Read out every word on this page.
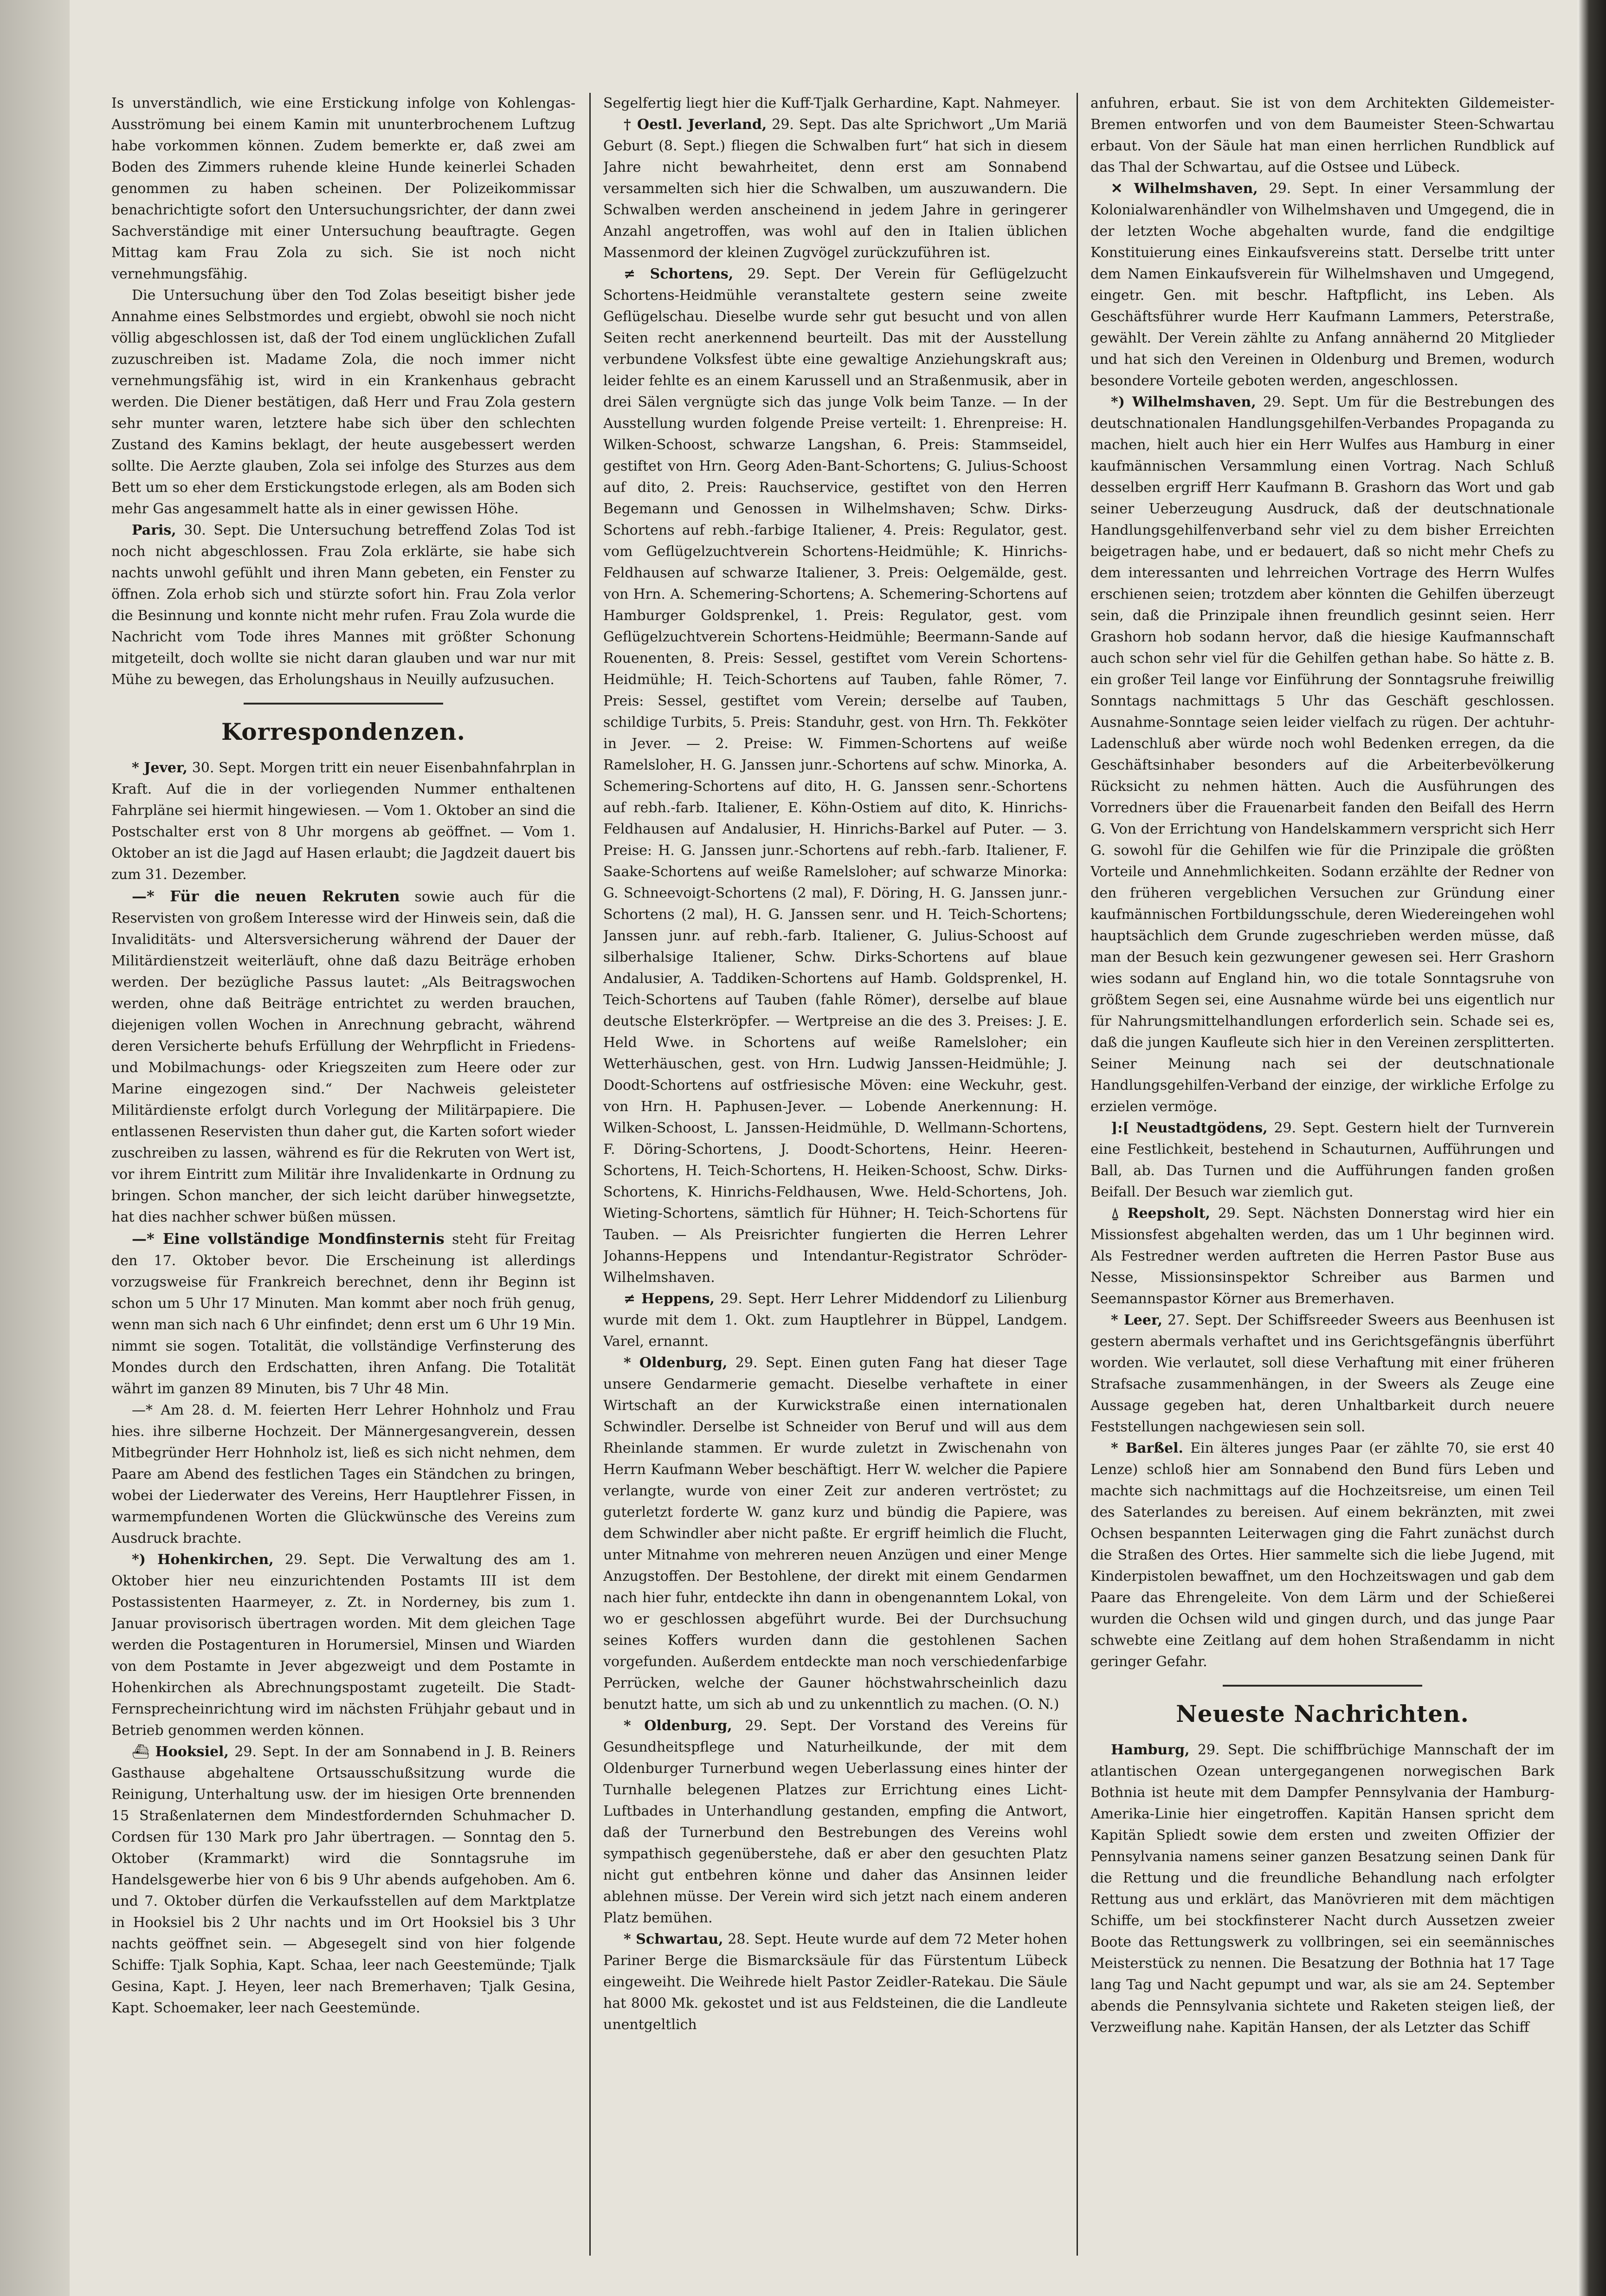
Is unverständlich, wie eine Erstickung infolge von Kohlengas-Ausströmung bei einem Kamin mit ununterbrochenem Luftzug habe vorkommen können. Zudem bemerkte er, daß zwei am Boden des Zimmers ruhende kleine Hunde keinerlei Schaden genommen zu haben scheinen. Der Polizeikommissar benachrichtigte sofort den Untersuchungsrichter, der dann zwei Sachverständige mit einer Untersuchung beauftragte. Gegen Mittag kam Frau Zola zu sich. Sie ist noch nicht vernehmungsfähig.

Die Untersuchung über den Tod Zolas beseitigt bisher jede Annahme eines Selbstmordes und ergiebt, obwohl sie noch nicht völlig abgeschlossen ist, daß der Tod einem unglücklichen Zufall zuzuschreiben ist. Madame Zola, die noch immer nicht vernehmungsfähig ist, wird in ein Krankenhaus gebracht werden. Die Diener bestätigen, daß Herr und Frau Zola gestern sehr munter waren, letztere habe sich über den schlechten Zustand des Kamins beklagt, der heute ausgebessert werden sollte. Die Aerzte glauben, Zola sei infolge des Sturzes aus dem Bett um so eher dem Erstickungstode erlegen, als am Boden sich mehr Gas angesammelt hatte als in einer gewissen Höhe.

Paris, 30. Sept. Die Untersuchung betreffend Zolas Tod ist noch nicht abgeschlossen. Frau Zola erklärte, sie habe sich nachts unwohl gefühlt und ihren Mann gebeten, ein Fenster zu öffnen. Zola erhob sich und stürzte sofort hin. Frau Zola verlor die Besinnung und konnte nicht mehr rufen. Frau Zola wurde die Nachricht vom Tode ihres Mannes mit größter Schonung mitgeteilt, doch wollte sie nicht daran glauben und war nur mit Mühe zu bewegen, das Erholungshaus in Neuilly aufzusuchen.

Korrespondenzen.

* Jever, 30. Sept. Morgen tritt ein neuer Eisenbahnfahrplan in Kraft. Auf die in der vorliegenden Nummer enthaltenen Fahrpläne sei hiermit hingewiesen. — Vom 1. Oktober an sind die Postschalter erst von 8 Uhr morgens ab geöffnet. — Vom 1. Oktober an ist die Jagd auf Hasen erlaubt; die Jagdzeit dauert bis zum 31. Dezember.

—* Für die neuen Rekruten sowie auch für die Reservisten von großem Interesse wird der Hinweis sein, daß die Invaliditäts- und Altersversicherung während der Dauer der Militärdienstzeit weiterläuft, ohne daß dazu Beiträge erhoben werden. Der bezügliche Passus lautet: „Als Beitragswochen werden, ohne daß Beiträge entrichtet zu werden brauchen, diejenigen vollen Wochen in Anrechnung gebracht, während deren Versicherte behufs Erfüllung der Wehrpflicht in Friedens- und Mobilmachungs- oder Kriegszeiten zum Heere oder zur Marine eingezogen sind.“ Der Nachweis geleisteter Militärdienste erfolgt durch Vorlegung der Militärpapiere. Die entlassenen Reservisten thun daher gut, die Karten sofort wieder zuschreiben zu lassen, während es für die Rekruten von Wert ist, vor ihrem Eintritt zum Militär ihre Invalidenkarte in Ordnung zu bringen. Schon mancher, der sich leicht darüber hinwegsetzte, hat dies nachher schwer büßen müssen.

—* Eine vollständige Mondfinsternis steht für Freitag den 17. Oktober bevor. Die Erscheinung ist allerdings vorzugsweise für Frankreich berechnet, denn ihr Beginn ist schon um 5 Uhr 17 Minuten. Man kommt aber noch früh genug, wenn man sich nach 6 Uhr einfindet; denn erst um 6 Uhr 19 Min. nimmt sie sogen. Totalität, die vollständige Verfinsterung des Mondes durch den Erdschatten, ihren Anfang. Die Totalität währt im ganzen 89 Minuten, bis 7 Uhr 48 Min.

—* Am 28. d. M. feierten Herr Lehrer Hohnholz und Frau hies. ihre silberne Hochzeit. Der Männergesangverein, dessen Mitbegründer Herr Hohnholz ist, ließ es sich nicht nehmen, dem Paare am Abend des festlichen Tages ein Ständchen zu bringen, wobei der Liederwater des Vereins, Herr Hauptlehrer Fissen, in warmempfundenen Worten die Glückwünsche des Vereins zum Ausdruck brachte.

*) Hohenkirchen, 29. Sept. Die Verwaltung des am 1. Oktober hier neu einzurichtenden Postamts III ist dem Postassistenten Haarmeyer, z. Zt. in Norderney, bis zum 1. Januar provisorisch übertragen worden. Mit dem gleichen Tage werden die Postagenturen in Horumersiel, Minsen und Wiarden von dem Postamte in Jever abgezweigt und dem Postamte in Hohenkirchen als Abrechnungspostamt zugeteilt. Die Stadt-Fernsprecheinrichtung wird im nächsten Frühjahr gebaut und in Betrieb genommen werden können.

⛴ Hooksiel, 29. Sept. In der am Sonnabend in J. B. Reiners Gasthause abgehaltene Ortsausschußsitzung wurde die Reinigung, Unterhaltung usw. der im hiesigen Orte brennenden 15 Straßenlaternen dem Mindestfordernden Schuhmacher D. Cordsen für 130 Mark pro Jahr übertragen. — Sonntag den 5. Oktober (Krammarkt) wird die Sonntagsruhe im Handelsgewerbe hier von 6 bis 9 Uhr abends aufgehoben. Am 6. und 7. Oktober dürfen die Verkaufsstellen auf dem Marktplatze in Hooksiel bis 2 Uhr nachts und im Ort Hooksiel bis 3 Uhr nachts geöffnet sein. — Abgesegelt sind von hier folgende Schiffe: Tjalk Sophia, Kapt. Schaa, leer nach Geestemünde; Tjalk Gesina, Kapt. J. Heyen, leer nach Bremerhaven; Tjalk Gesina, Kapt. Schoemaker, leer nach Geestemünde.

Segelfertig liegt hier die Kuff-Tjalk Gerhardine, Kapt. Nahmeyer.

† Oestl. Jeverland, 29. Sept. Das alte Sprichwort „Um Mariä Geburt (8. Sept.) fliegen die Schwalben furt“ hat sich in diesem Jahre nicht bewahrheitet, denn erst am Sonnabend versammelten sich hier die Schwalben, um auszuwandern. Die Schwalben werden anscheinend in jedem Jahre in geringerer Anzahl angetroffen, was wohl auf den in Italien üblichen Massenmord der kleinen Zugvögel zurückzuführen ist.

≠ Schortens, 29. Sept. Der Verein für Geflügelzucht Schortens-Heidmühle veranstaltete gestern seine zweite Geflügelschau. Dieselbe wurde sehr gut besucht und von allen Seiten recht anerkennend beurteilt. Das mit der Ausstellung verbundene Volksfest übte eine gewaltige Anziehungskraft aus; leider fehlte es an einem Karussell und an Straßenmusik, aber in drei Sälen vergnügte sich das junge Volk beim Tanze. — In der Ausstellung wurden folgende Preise verteilt: 1. Ehrenpreise: H. Wilken-Schoost, schwarze Langshan, 6. Preis: Stammseidel, gestiftet von Hrn. Georg Aden-Bant-Schortens; G. Julius-Schoost auf dito, 2. Preis: Rauchservice, gestiftet von den Herren Begemann und Genossen in Wilhelmshaven; Schw. Dirks-Schortens auf rebh.-farbige Italiener, 4. Preis: Regulator, gest. vom Geflügelzuchtverein Schortens-Heidmühle; K. Hinrichs-Feldhausen auf schwarze Italiener, 3. Preis: Oelgemälde, gest. von Hrn. A. Schemering-Schortens; A. Schemering-Schortens auf Hamburger Goldsprenkel, 1. Preis: Regulator, gest. vom Geflügelzuchtverein Schortens-Heidmühle; Beermann-Sande auf Rouenenten, 8. Preis: Sessel, gestiftet vom Verein Schortens-Heidmühle; H. Teich-Schortens auf Tauben, fahle Römer, 7. Preis: Sessel, gestiftet vom Verein; derselbe auf Tauben, schildige Turbits, 5. Preis: Standuhr, gest. von Hrn. Th. Fekköter in Jever. — 2. Preise: W. Fimmen-Schortens auf weiße Ramelsloher, H. G. Janssen junr.-Schortens auf schw. Minorka, A. Schemering-Schortens auf dito, H. G. Janssen senr.-Schortens auf rebh.-farb. Italiener, E. Köhn-Ostiem auf dito, K. Hinrichs-Feldhausen auf Andalusier, H. Hinrichs-Barkel auf Puter. — 3. Preise: H. G. Janssen junr.-Schortens auf rebh.-farb. Italiener, F. Saake-Schortens auf weiße Ramelsloher; auf schwarze Minorka: G. Schneevoigt-Schortens (2 mal), F. Döring, H. G. Janssen junr.-Schortens (2 mal), H. G. Janssen senr. und H. Teich-Schortens; Janssen junr. auf rebh.-farb. Italiener, G. Julius-Schoost auf silberhalsige Italiener, Schw. Dirks-Schortens auf blaue Andalusier, A. Taddiken-Schortens auf Hamb. Goldsprenkel, H. Teich-Schortens auf Tauben (fahle Römer), derselbe auf blaue deutsche Elsterkröpfer. — Wertpreise an die des 3. Preises: J. E. Held Wwe. in Schortens auf weiße Ramelsloher; ein Wetterhäuschen, gest. von Hrn. Ludwig Janssen-Heidmühle; J. Doodt-Schortens auf ostfriesische Möven: eine Weckuhr, gest. von Hrn. H. Paphusen-Jever. — Lobende Anerkennung: H. Wilken-Schoost, L. Janssen-Heidmühle, D. Wellmann-Schortens, F. Döring-Schortens, J. Doodt-Schortens, Heinr. Heeren-Schortens, H. Teich-Schortens, H. Heiken-Schoost, Schw. Dirks-Schortens, K. Hinrichs-Feldhausen, Wwe. Held-Schortens, Joh. Wieting-Schortens, sämtlich für Hühner; H. Teich-Schortens für Tauben. — Als Preisrichter fungierten die Herren Lehrer Johanns-Heppens und Intendantur-Registrator Schröder-Wilhelmshaven.

≠ Heppens, 29. Sept. Herr Lehrer Middendorf zu Lilienburg wurde mit dem 1. Okt. zum Hauptlehrer in Büppel, Landgem. Varel, ernannt.

* Oldenburg, 29. Sept. Einen guten Fang hat dieser Tage unsere Gendarmerie gemacht. Dieselbe verhaftete in einer Wirtschaft an der Kurwickstraße einen internationalen Schwindler. Derselbe ist Schneider von Beruf und will aus dem Rheinlande stammen. Er wurde zuletzt in Zwischenahn von Herrn Kaufmann Weber beschäftigt. Herr W. welcher die Papiere verlangte, wurde von einer Zeit zur anderen vertröstet; zu guterletzt forderte W. ganz kurz und bündig die Papiere, was dem Schwindler aber nicht paßte. Er ergriff heimlich die Flucht, unter Mitnahme von mehreren neuen Anzügen und einer Menge Anzugstoffen. Der Bestohlene, der direkt mit einem Gendarmen nach hier fuhr, entdeckte ihn dann in obengenanntem Lokal, von wo er geschlossen abgeführt wurde. Bei der Durchsuchung seines Koffers wurden dann die gestohlenen Sachen vorgefunden. Außerdem entdeckte man noch verschiedenfarbige Perrücken, welche der Gauner höchstwahrscheinlich dazu benutzt hatte, um sich ab und zu unkenntlich zu machen. (O. N.)

* Oldenburg, 29. Sept. Der Vorstand des Vereins für Gesundheitspflege und Naturheilkunde, der mit dem Oldenburger Turnerbund wegen Ueberlassung eines hinter der Turnhalle belegenen Platzes zur Errichtung eines Licht-Luftbades in Unterhandlung gestanden, empfing die Antwort, daß der Turnerbund den Bestrebungen des Vereins wohl sympathisch gegenüberstehe, daß er aber den gesuchten Platz nicht gut entbehren könne und daher das Ansinnen leider ablehnen müsse. Der Verein wird sich jetzt nach einem anderen Platz bemühen.

* Schwartau, 28. Sept. Heute wurde auf dem 72 Meter hohen Pariner Berge die Bismarcksäule für das Fürstentum Lübeck eingeweiht. Die Weihrede hielt Pastor Zeidler-Ratekau. Die Säule hat 8000 Mk. gekostet und ist aus Feldsteinen, die die Landleute unentgeltlich

anfuhren, erbaut. Sie ist von dem Architekten Gildemeister-Bremen entworfen und von dem Baumeister Steen-Schwartau erbaut. Von der Säule hat man einen herrlichen Rundblick auf das Thal der Schwartau, auf die Ostsee und Lübeck.

✕ Wilhelmshaven, 29. Sept. In einer Versammlung der Kolonialwarenhändler von Wilhelmshaven und Umgegend, die in der letzten Woche abgehalten wurde, fand die endgiltige Konstituierung eines Einkaufsvereins statt. Derselbe tritt unter dem Namen Einkaufsverein für Wilhelmshaven und Umgegend, eingetr. Gen. mit beschr. Haftpflicht, ins Leben. Als Geschäftsführer wurde Herr Kaufmann Lammers, Peterstraße, gewählt. Der Verein zählte zu Anfang annähernd 20 Mitglieder und hat sich den Vereinen in Oldenburg und Bremen, wodurch besondere Vorteile geboten werden, angeschlossen.

*) Wilhelmshaven, 29. Sept. Um für die Bestrebungen des deutschnationalen Handlungsgehilfen-Verbandes Propaganda zu machen, hielt auch hier ein Herr Wulfes aus Hamburg in einer kaufmännischen Versammlung einen Vortrag. Nach Schluß desselben ergriff Herr Kaufmann B. Grashorn das Wort und gab seiner Ueberzeugung Ausdruck, daß der deutschnationale Handlungsgehilfenverband sehr viel zu dem bisher Erreichten beigetragen habe, und er bedauert, daß so nicht mehr Chefs zu dem interessanten und lehrreichen Vortrage des Herrn Wulfes erschienen seien; trotzdem aber könnten die Gehilfen überzeugt sein, daß die Prinzipale ihnen freundlich gesinnt seien. Herr Grashorn hob sodann hervor, daß die hiesige Kaufmannschaft auch schon sehr viel für die Gehilfen gethan habe. So hätte z. B. ein großer Teil lange vor Einführung der Sonntagsruhe freiwillig Sonntags nachmittags 5 Uhr das Geschäft geschlossen. Ausnahme-Sonntage seien leider vielfach zu rügen. Der achtuhr-Ladenschluß aber würde noch wohl Bedenken erregen, da die Geschäftsinhaber besonders auf die Arbeiterbevölkerung Rücksicht zu nehmen hätten. Auch die Ausführungen des Vorredners über die Frauenarbeit fanden den Beifall des Herrn G. Von der Errichtung von Handelskammern verspricht sich Herr G. sowohl für die Gehilfen wie für die Prinzipale die größten Vorteile und Annehmlichkeiten. Sodann erzählte der Redner von den früheren vergeblichen Versuchen zur Gründung einer kaufmännischen Fortbildungsschule, deren Wiedereingehen wohl hauptsächlich dem Grunde zugeschrieben werden müsse, daß man der Besuch kein gezwungener gewesen sei. Herr Grashorn wies sodann auf England hin, wo die totale Sonntagsruhe von größtem Segen sei, eine Ausnahme würde bei uns eigentlich nur für Nahrungsmittelhandlungen erforderlich sein. Schade sei es, daß die jungen Kaufleute sich hier in den Vereinen zersplitterten. Seiner Meinung nach sei der deutschnationale Handlungsgehilfen-Verband der einzige, der wirkliche Erfolge zu erzielen vermöge.

]:[ Neustadtgödens, 29. Sept. Gestern hielt der Turnverein eine Festlichkeit, bestehend in Schauturnen, Aufführungen und Ball, ab. Das Turnen und die Aufführungen fanden großen Beifall. Der Besuch war ziemlich gut.

⍙ Reepsholt, 29. Sept. Nächsten Donnerstag wird hier ein Missionsfest abgehalten werden, das um 1 Uhr beginnen wird. Als Festredner werden auftreten die Herren Pastor Buse aus Nesse, Missionsinspektor Schreiber aus Barmen und Seemannspastor Körner aus Bremerhaven.

* Leer, 27. Sept. Der Schiffsreeder Sweers aus Beenhusen ist gestern abermals verhaftet und ins Gerichtsgefängnis überführt worden. Wie verlautet, soll diese Verhaftung mit einer früheren Strafsache zusammenhängen, in der Sweers als Zeuge eine Aussage gegeben hat, deren Unhaltbarkeit durch neuere Feststellungen nachgewiesen sein soll.

* Barßel. Ein älteres junges Paar (er zählte 70, sie erst 40 Lenze) schloß hier am Sonnabend den Bund fürs Leben und machte sich nachmittags auf die Hochzeitsreise, um einen Teil des Saterlandes zu bereisen. Auf einem bekränzten, mit zwei Ochsen bespannten Leiterwagen ging die Fahrt zunächst durch die Straßen des Ortes. Hier sammelte sich die liebe Jugend, mit Kinderpistolen bewaffnet, um den Hochzeitswagen und gab dem Paare das Ehrengeleite. Von dem Lärm und der Schießerei wurden die Ochsen wild und gingen durch, und das junge Paar schwebte eine Zeitlang auf dem hohen Straßendamm in nicht geringer Gefahr.

Neueste Nachrichten.

Hamburg, 29. Sept. Die schiffbrüchige Mannschaft der im atlantischen Ozean untergegangenen norwegischen Bark Bothnia ist heute mit dem Dampfer Pennsylvania der Hamburg-Amerika-Linie hier eingetroffen. Kapitän Hansen spricht dem Kapitän Spliedt sowie dem ersten und zweiten Offizier der Pennsylvania namens seiner ganzen Besatzung seinen Dank für die Rettung und die freundliche Behandlung nach erfolgter Rettung aus und erklärt, das Manövrieren mit dem mächtigen Schiffe, um bei stockfinsterer Nacht durch Aussetzen zweier Boote das Rettungswerk zu vollbringen, sei ein seemännisches Meisterstück zu nennen. Die Besatzung der Bothnia hat 17 Tage lang Tag und Nacht gepumpt und war, als sie am 24. September abends die Pennsylvania sichtete und Raketen steigen ließ, der Verzweiflung nahe. Kapitän Hansen, der als Letzter das Schiff
